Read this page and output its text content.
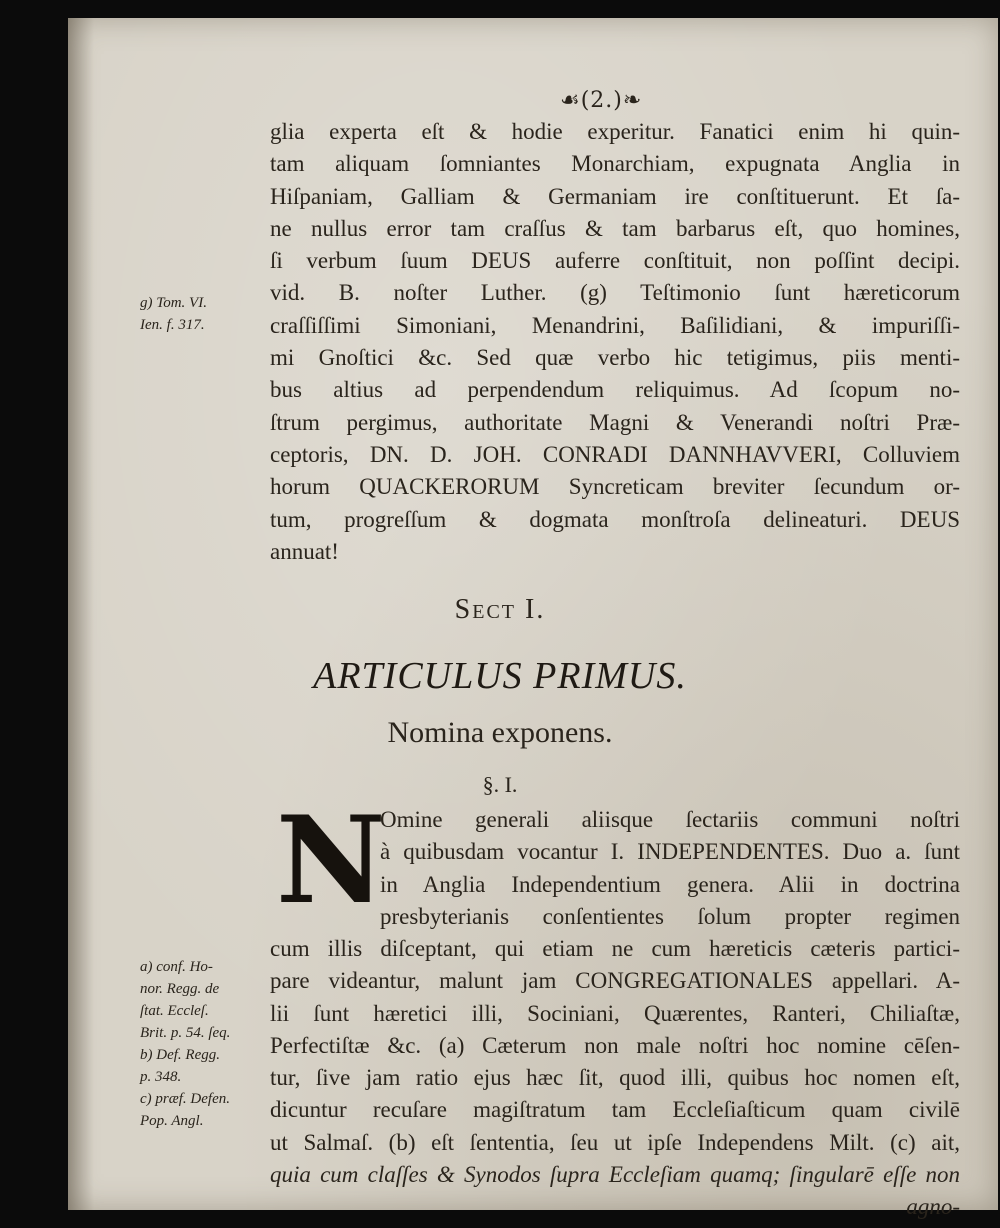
☙(2.)❧
glia experta eſt & hodie experitur. Fanatici enim hi quin-
tam aliquam ſomniantes Monarchiam, expugnata Anglia in
Hiſpaniam, Galliam & Germaniam ire conſtituerunt. Et ſa-
ne nullus error tam craſſus & tam barbarus eſt, quo homines,
ſi verbum ſuum DEUS auferre conſtituit, non poſſint decipi.
vid. B. noſter Luther. (g) Teſtimonio ſunt hæreticorum
craſſiſſimi Simoniani, Menandrini, Baſilidiani, & impuriſſi-
mi Gnoſtici &c. Sed quæ verbo hic tetigimus, piis menti-
bus altius ad perpendendum reliquimus. Ad ſcopum no-
ſtrum pergimus, authoritate Magni & Venerandi noſtri Præ-
ceptoris, DN. D. JOH. CONRADI DANNHAVVERI, Colluviem
horum QUACKERORUM Syncreticam breviter ſecundum or-
tum, progreſſum & dogmata monſtroſa delineaturi. DEUS
annuat!
g) Tom. VI.
Ien. f. 317.
Sect I.
ARTICULUS PRIMUS.
Nomina exponens.
§. I.
N
Omine generali aliisque ſectariis communi noſtri
à quibusdam vocantur I. INDEPENDENTES. Duo a. ſunt
in Anglia Independentium genera. Alii in doctrina
presbyterianis conſentientes ſolum propter regimen
cum illis diſceptant, qui etiam ne cum hæreticis cæteris partici-
pare videantur, malunt jam CONGREGATIONALES appellari. A-
lii ſunt hæretici illi, Sociniani, Quærentes, Ranteri, Chiliaſtæ,
Perfectiſtæ &c. (a) Cæterum non male noſtri hoc nomine cēſen-
tur, ſive jam ratio ejus hæc ſit, quod illi, quibus hoc nomen eſt,
dicuntur recuſare magiſtratum tam Eccleſiaſticum quam civilē
ut Salmaſ. (b) eſt ſententia, ſeu ut ipſe Independens Milt. (c) ait,
quia cum claſſes & Synodos ſupra Eccleſiam quamq; ſingularē eſſe non
agno-
a) conf. Ho-
nor. Regg. de
ſtat. Eccleſ.
Brit. p. 54. ſeq.
b) Def. Regg.
p. 348.
c) præf. Defen.
Pop. Angl.
